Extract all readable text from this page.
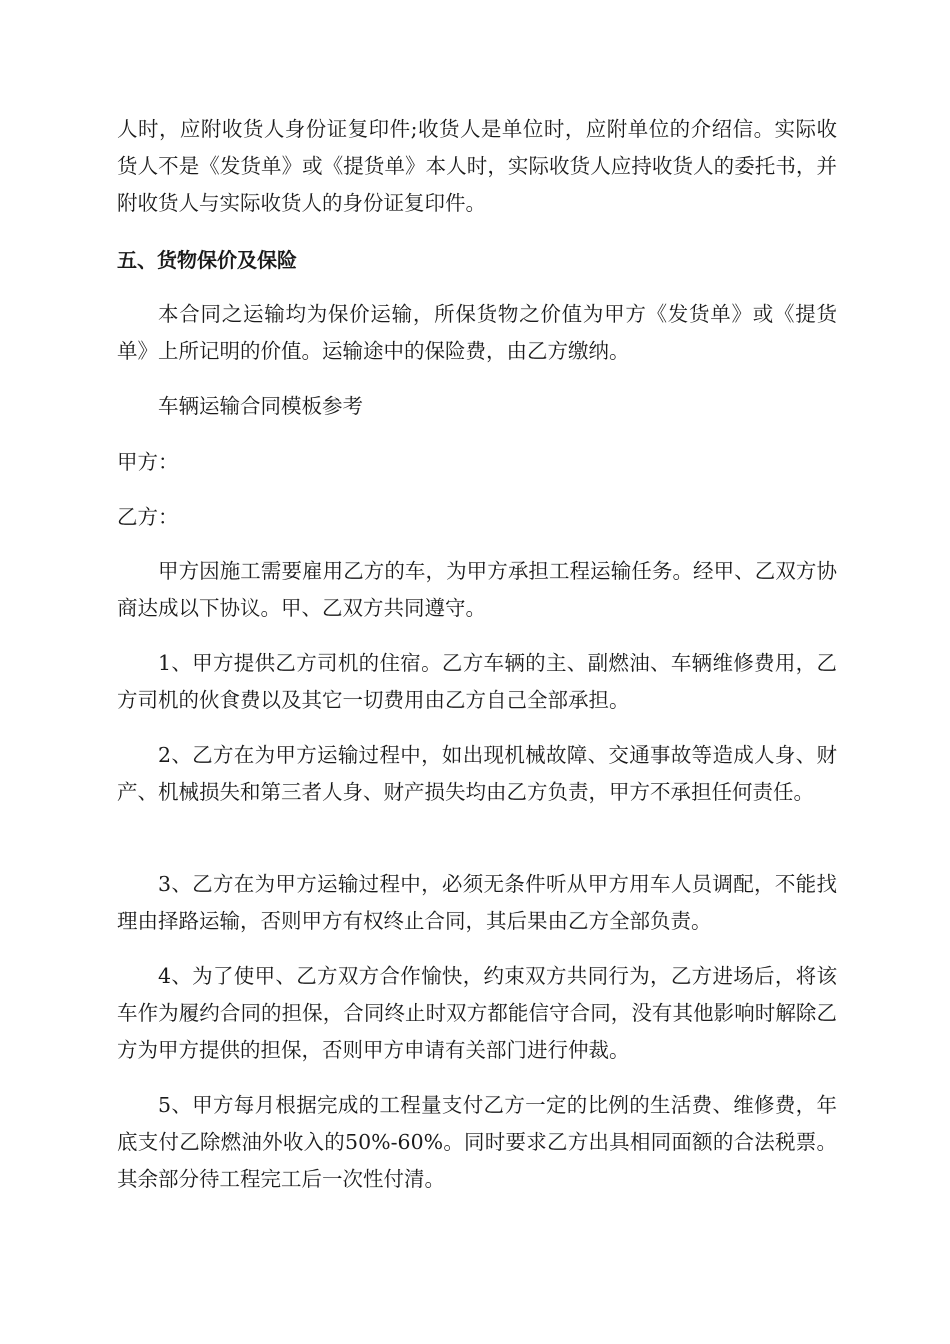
人时，应附收货人身份证复印件;收货人是单位时，应附单位的介绍信。实际收货人不是《发货单》或《提货单》本人时，实际收货人应持收货人的委托书，并附收货人与实际收货人的身份证复印件。

五、货物保价及保险

本合同之运输均为保价运输，所保货物之价值为甲方《发货单》或《提货单》上所记明的价值。运输途中的保险费，由乙方缴纳。

车辆运输合同模板参考

甲方：

乙方：

甲方因施工需要雇用乙方的车，为甲方承担工程运输任务。经甲、乙双方协商达成以下协议。甲、乙双方共同遵守。

1、甲方提供乙方司机的住宿。乙方车辆的主、副燃油、车辆维修费用，乙方司机的伙食费以及其它一切费用由乙方自己全部承担。

2、乙方在为甲方运输过程中，如出现机械故障、交通事故等造成人身、财产、机械损失和第三者人身、财产损失均由乙方负责，甲方不承担任何责任。

3、乙方在为甲方运输过程中，必须无条件听从甲方用车人员调配，不能找理由择路运输，否则甲方有权终止合同，其后果由乙方全部负责。

4、为了使甲、乙方双方合作愉快，约束双方共同行为，乙方进场后，将该车作为履约合同的担保，合同终止时双方都能信守合同，没有其他影响时解除乙方为甲方提供的担保，否则甲方申请有关部门进行仲裁。

5、甲方每月根据完成的工程量支付乙方一定的比例的生活费、维修费，年底支付乙除燃油外收入的50%-60%。同时要求乙方出具相同面额的合法税票。其余部分待工程完工后一次性付清。
